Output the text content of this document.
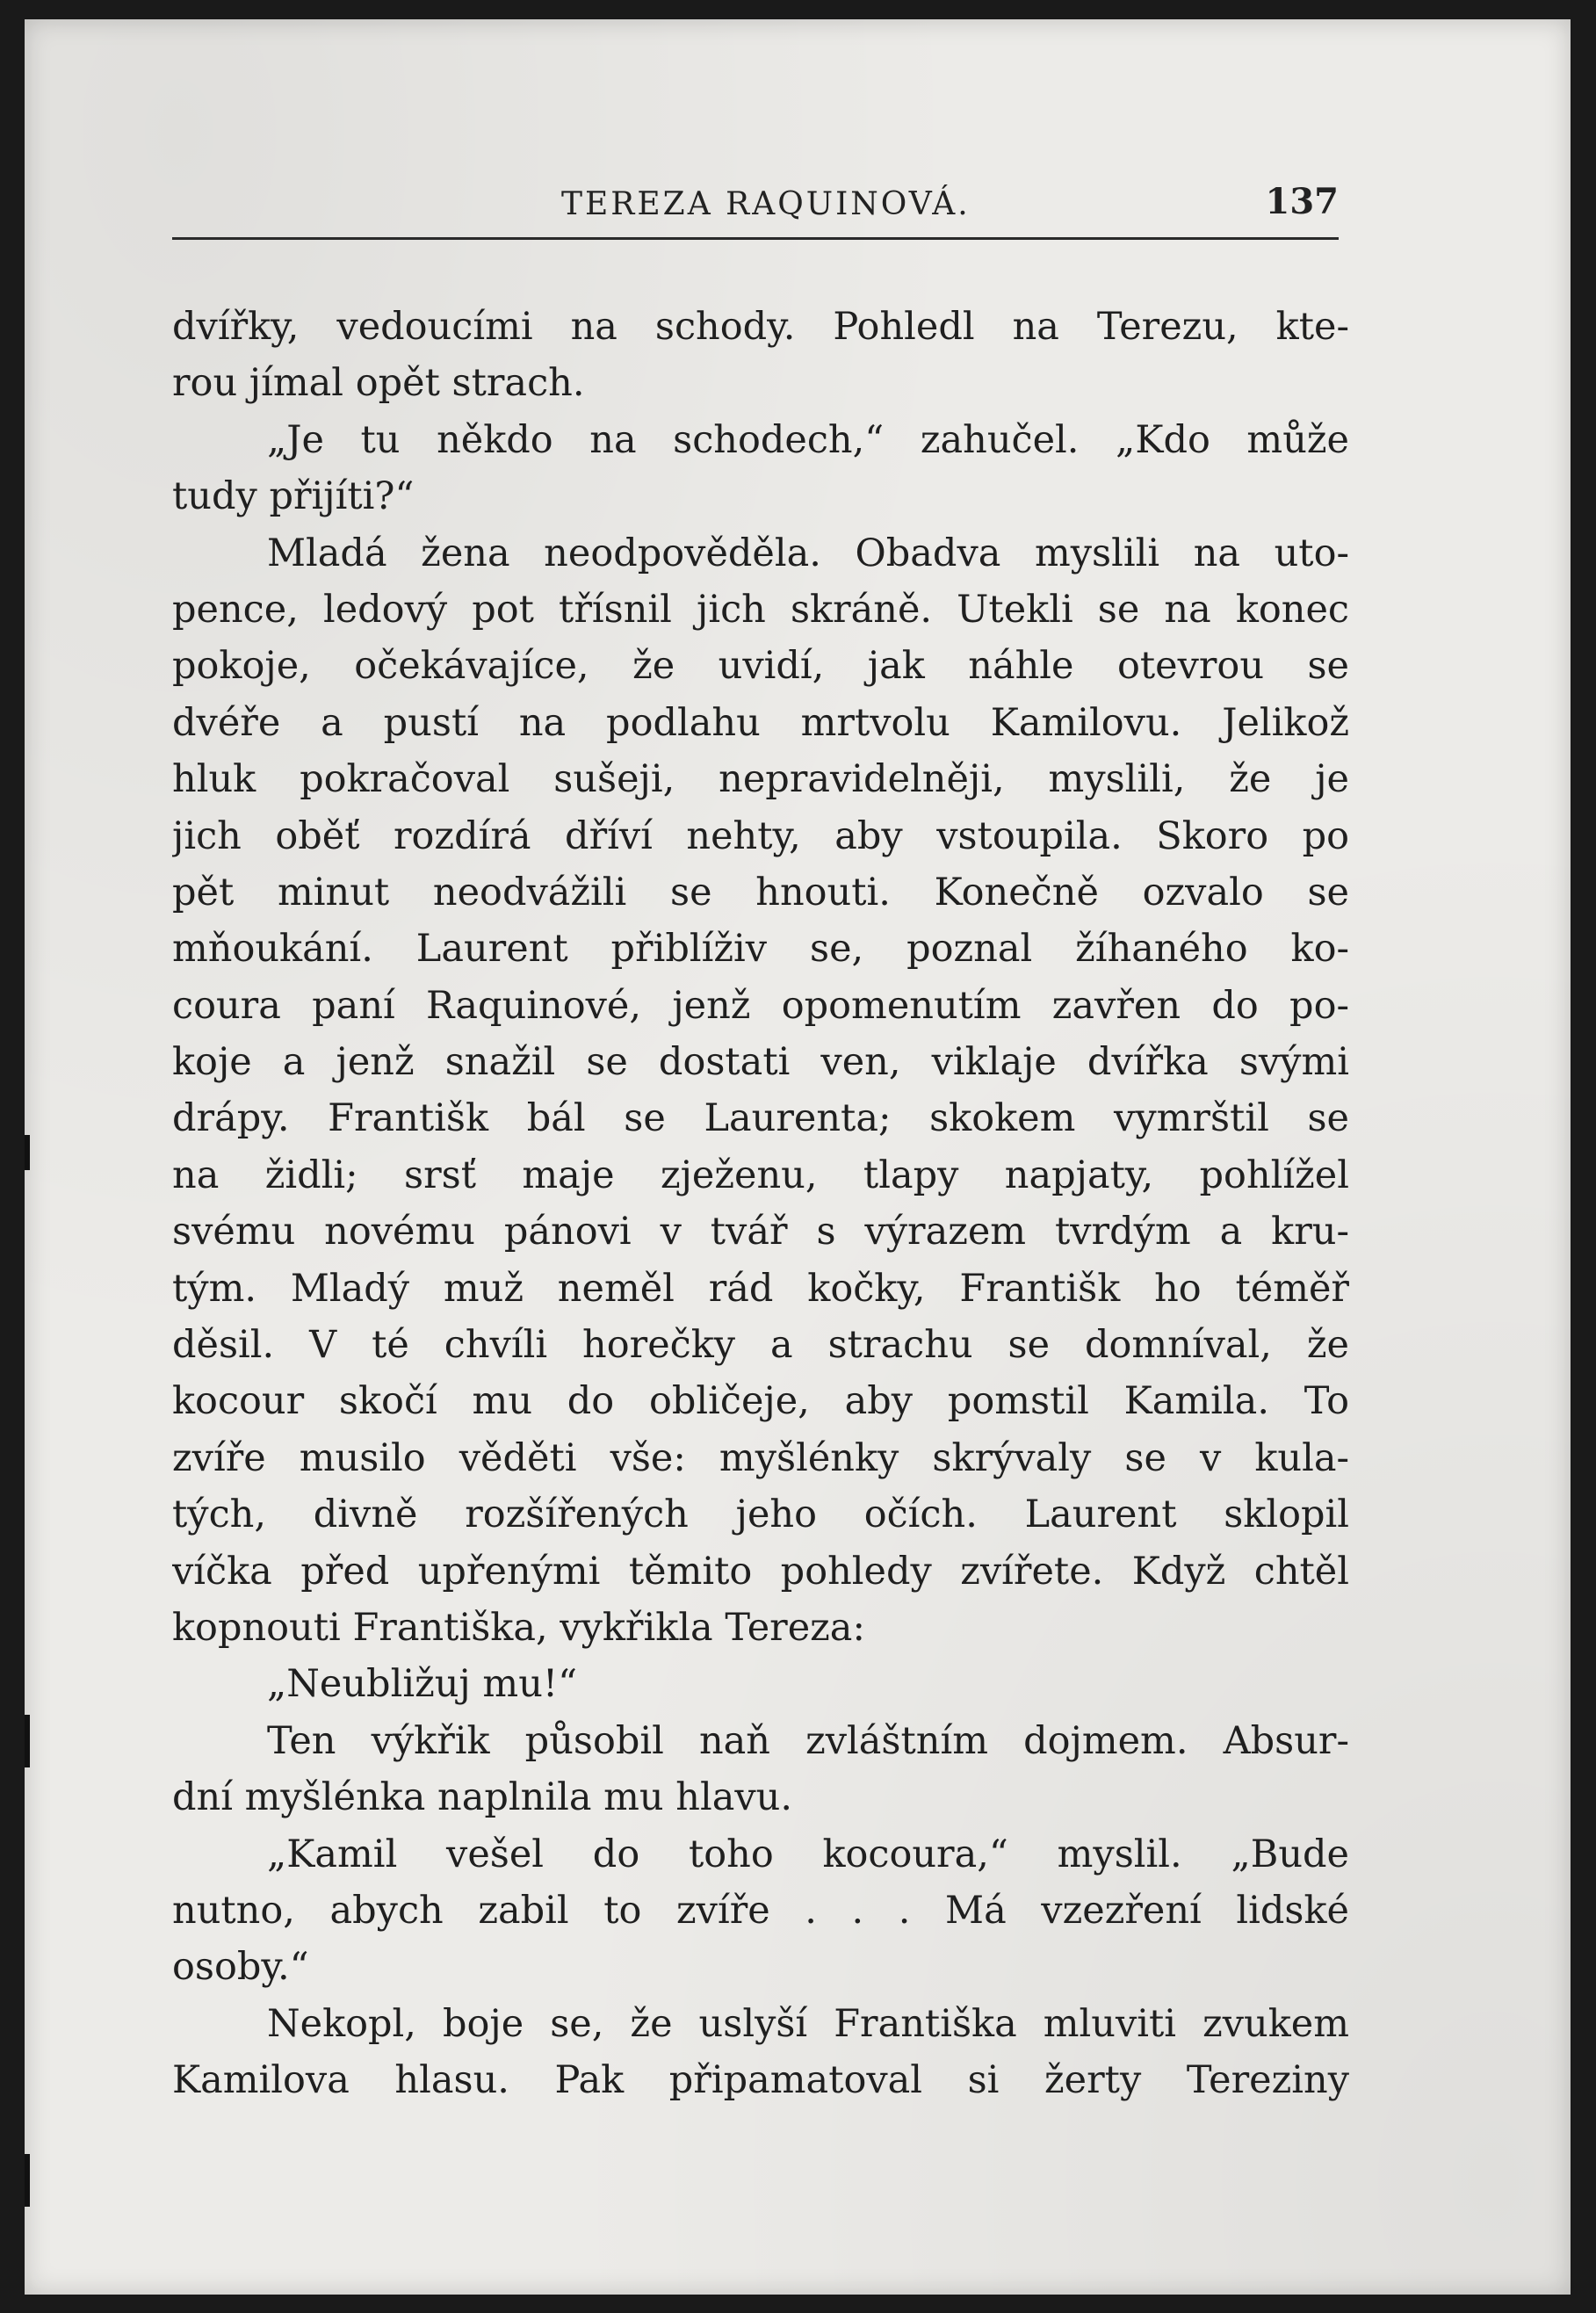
TEREZA RAQUINOVÁ.	137
dvířky, vedoucími na schody. Pohledl na Terezu, kte-
rou jímal opět strach.
„Je tu někdo na schodech,“ zahučel. „Kdo může
tudy přijíti?“
Mladá žena neodpověděla. Obadva myslili na uto-
pence, ledový pot třísnil jich skráně. Utekli se na konec
pokoje, očekávajíce, že uvidí, jak náhle otevrou se
dvéře a pustí na podlahu mrtvolu Kamilovu. Jelikož
hluk pokračoval sušeji, nepravidelněji, myslili, že je
jich oběť rozdírá dříví nehty, aby vstoupila. Skoro po
pět minut neodvážili se hnouti. Konečně ozvalo se
mňoukání. Laurent přiblíživ se, poznal žíhaného ko-
coura paní Raquinové, jenž opomenutím zavřen do po-
koje a jenž snažil se dostati ven, viklaje dvířka svými
drápy. Františk bál se Laurenta; skokem vymrštil se
na židli; srsť maje zježenu, tlapy napjaty, pohlížel
svému novému pánovi v tvář s výrazem tvrdým a kru-
tým. Mladý muž neměl rád kočky, Františk ho téměř
děsil. V té chvíli horečky a strachu se domníval, že
kocour skočí mu do obličeje, aby pomstil Kamila. To
zvíře musilo věděti vše: myšlénky skrývaly se v kula-
tých, divně rozšířených jeho očích. Laurent sklopil
víčka před upřenými těmito pohledy zvířete. Když chtěl
kopnouti Františka, vykřikla Tereza:
„Neubližuj mu!“
Ten výkřik působil naň zvláštním dojmem. Absur-
dní myšlénka naplnila mu hlavu.
„Kamil vešel do toho kocoura,“ myslil. „Bude
nutno, abych zabil to zvíře . . . Má vzezření lidské
osoby.“
Nekopl, boje se, že uslyší Františka mluviti zvukem
Kamilova hlasu. Pak připamatoval si žerty Tereziny
